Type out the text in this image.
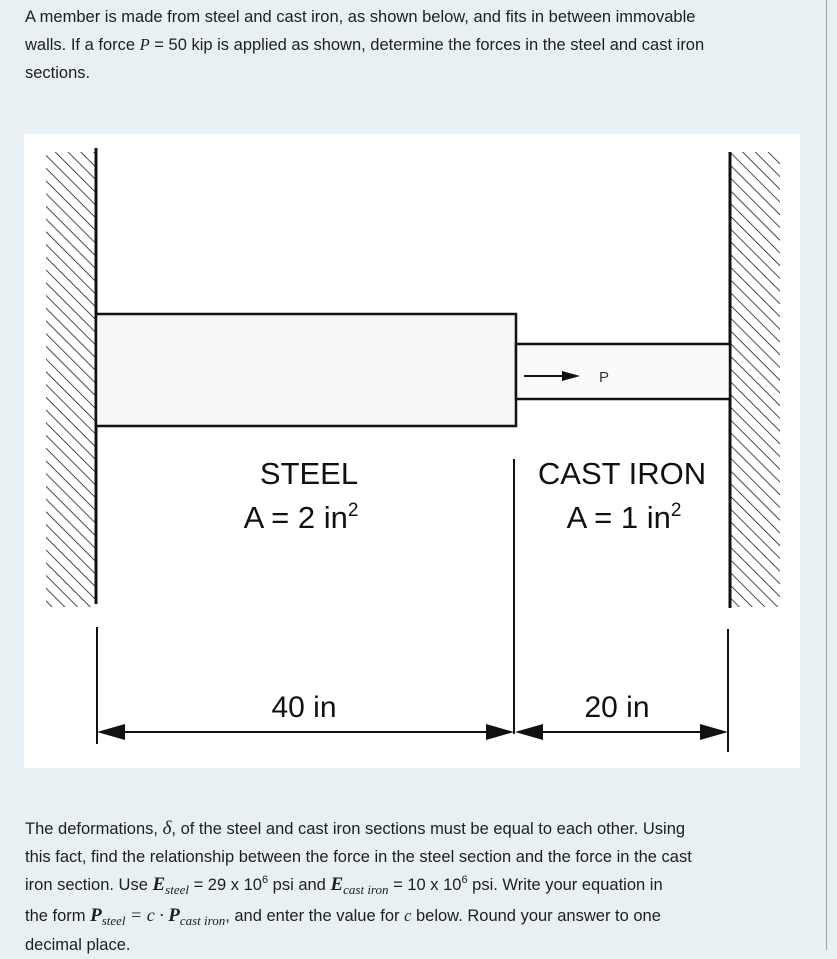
A member is made from steel and cast iron, as shown below, and fits in between immovable
walls. If a force P = 50 kip is applied as shown, determine the forces in the steel and cast iron
sections.

P
STEEL
A = 2 $in^2$
CAST IRON
A = 1 $in^2$
40 in	20 in

The deformations, δ, of the steel and cast iron sections must be equal to each other. Using
this fact, find the relationship between the force in the steel section and the force in the cast
iron section. Use $E_{steel} = 29$ x $10^6$ psi and $E_{cast iron} = 10$ x $10^6$ psi. Write your equation in
the form $P_{steel} = c \cdot P_{cast iron}$, and enter the value for c below. Round your answer to one
decimal place.
